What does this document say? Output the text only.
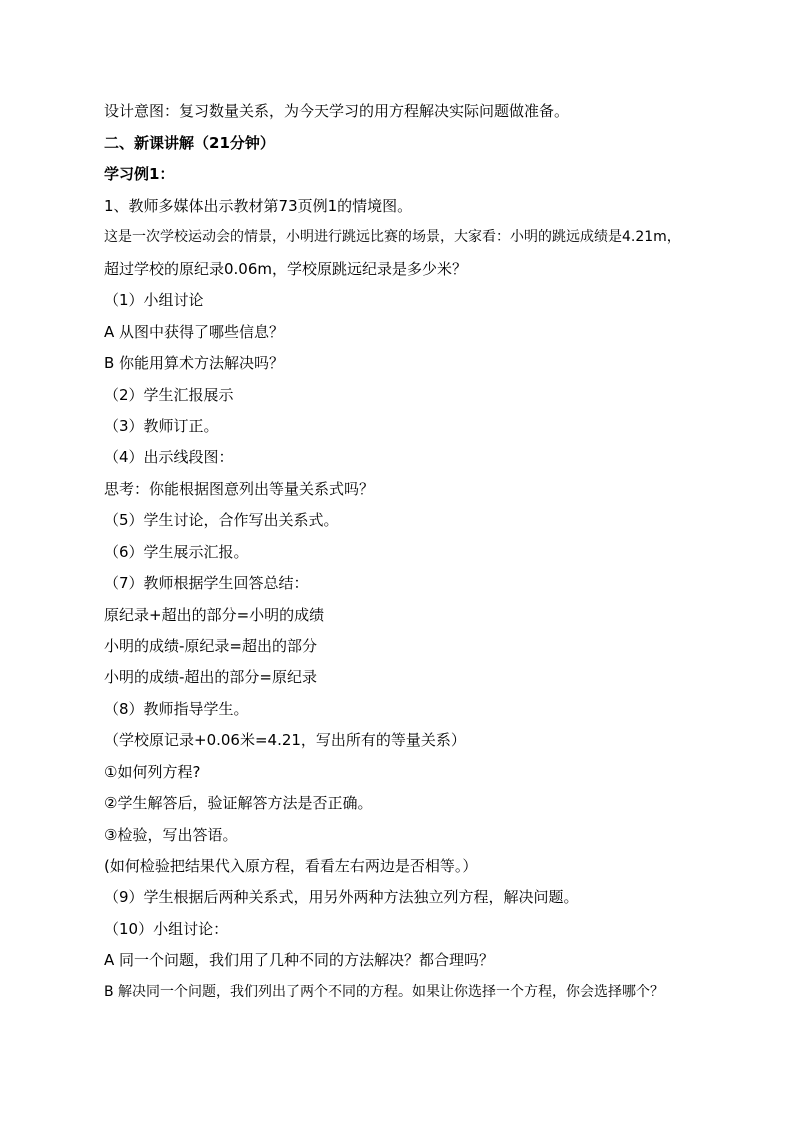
设计意图：复习数量关系，为今天学习的用方程解决实际问题做准备。
二、新课讲解（21分钟）
学习例1：
1、教师多媒体出示教材第73页例1的情境图。
这是一次学校运动会的情景，小明进行跳远比赛的场景，大家看：小明的跳远成绩是4.21m，
超过学校的原纪录0.06m，学校原跳远纪录是多少米？
（1）小组讨论
A 从图中获得了哪些信息？
B 你能用算术方法解决吗？
（2）学生汇报展示
（3）教师订正。
（4）出示线段图：
思考：你能根据图意列出等量关系式吗？
（5）学生讨论，合作写出关系式。
（6）学生展示汇报。
（7）教师根据学生回答总结：
原纪录+超出的部分=小明的成绩
小明的成绩-原纪录=超出的部分
小明的成绩-超出的部分=原纪录
（8）教师指导学生。
（学校原记录+0.06米=4.21，写出所有的等量关系）
①如何列方程?
②学生解答后，验证解答方法是否正确。
③检验，写出答语。
(如何检验把结果代入原方程，看看左右两边是否相等。）
（9）学生根据后两种关系式，用另外两种方法独立列方程，解决问题。
（10）小组讨论：
A 同一个问题，我们用了几种不同的方法解决？都合理吗？
B 解决同一个问题，我们列出了两个不同的方程。如果让你选择一个方程，你会选择哪个？
